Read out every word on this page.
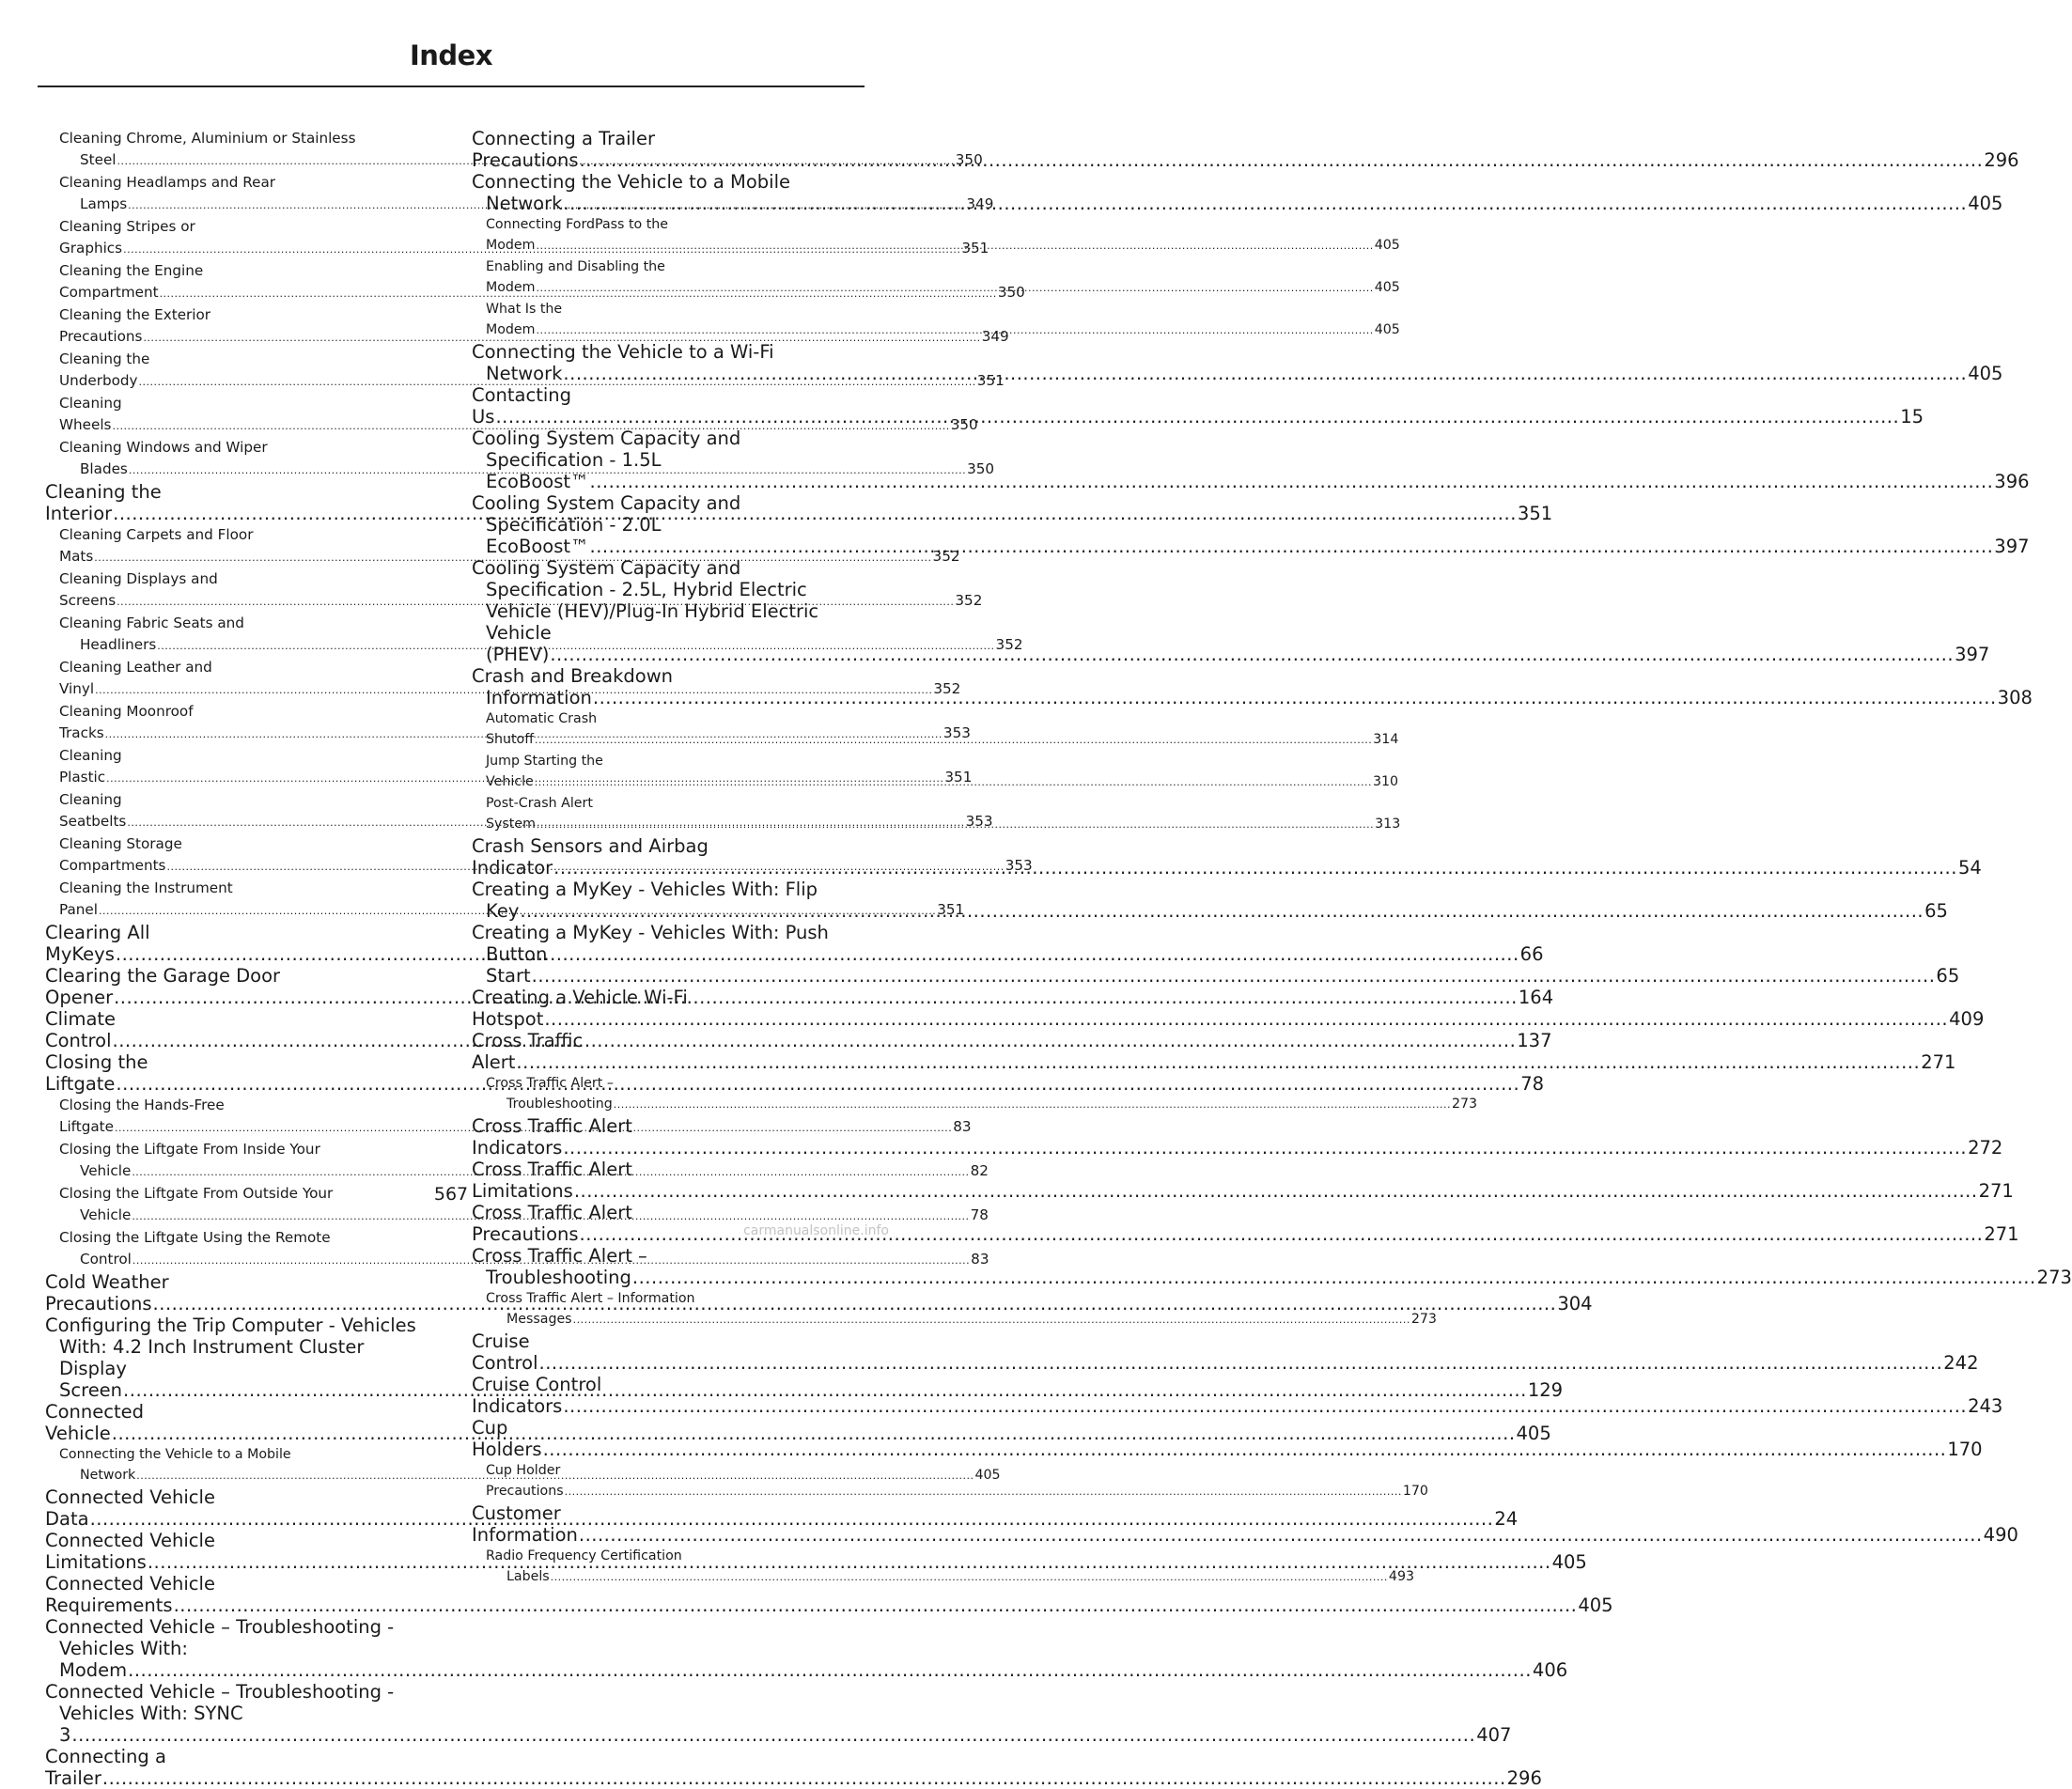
Index
Cleaning Chrome, Aluminium or Stainless
Steel .....	350
Cleaning Headlamps and Rear
Lamps .....	349
Cleaning Stripes or Graphics .....	351
Cleaning the Engine Compartment .....	350
Cleaning the Exterior Precautions .....	349
Cleaning the Underbody .....	351
Cleaning Wheels .....	350
Cleaning Windows and Wiper
Blades .....	350
Cleaning the Interior .....	351
Cleaning Carpets and Floor Mats .....	352
Cleaning Displays and Screens .....	352
Cleaning Fabric Seats and
Headliners .....	352
Cleaning Leather and Vinyl .....	352
Cleaning Moonroof Tracks .....	353
Cleaning Plastic .....	351
Cleaning Seatbelts .....	353
Cleaning Storage Compartments .....	353
Cleaning the Instrument Panel .....	351
Clearing All MyKeys .....	66
Clearing the Garage Door Opener .....	164
Climate Control .....	137
Closing the Liftgate .....	78
Closing the Hands-Free Liftgate .....	83
Closing the Liftgate From Inside Your
Vehicle .....	82
Closing the Liftgate From Outside Your
Vehicle .....	78
Closing the Liftgate Using the Remote
Control .....	83
Cold Weather Precautions .....	304
Configuring the Trip Computer - Vehicles
With: 4.2 Inch Instrument Cluster
Display Screen .....	129
Connected Vehicle .....	405
Connecting the Vehicle to a Mobile
Network .....	405
Connected Vehicle Data .....	24
Connected Vehicle Limitations .....	405
Connected Vehicle Requirements .....	405
Connected Vehicle – Troubleshooting -
Vehicles With: Modem .....	406
Connected Vehicle – Troubleshooting -
Vehicles With: SYNC 3 .....	407
Connecting a Trailer .....	296
Connecting a Trailer Precautions .....	296
Connecting the Vehicle to a Mobile
Network .....	405
Connecting FordPass to the Modem .....	405
Enabling and Disabling the Modem .....	405
What Is the Modem .....	405
Connecting the Vehicle to a Wi-Fi
Network .....	405
Contacting Us .....	15
Cooling System Capacity and
Specification - 1.5L EcoBoost™ .....	396
Cooling System Capacity and
Specification - 2.0L EcoBoost™ .....	397
Cooling System Capacity and
Specification - 2.5L, Hybrid Electric
Vehicle (HEV)/Plug-In Hybrid Electric
Vehicle (PHEV) .....	397
Crash and Breakdown
Information .....	308
Automatic Crash Shutoff .....	314
Jump Starting the Vehicle .....	310
Post-Crash Alert System .....	313
Crash Sensors and Airbag Indicator .....	54
Creating a MyKey - Vehicles With: Flip
Key .....	65
Creating a MyKey - Vehicles With: Push
Button Start .....	65
Creating a Vehicle Wi-Fi Hotspot .....	409
Cross Traffic Alert .....	271
Cross Traffic Alert –
Troubleshooting .....	273
Cross Traffic Alert Indicators .....	272
Cross Traffic Alert Limitations .....	271
Cross Traffic Alert Precautions .....	271
Cross Traffic Alert –
Troubleshooting .....	273
Cross Traffic Alert – Information
Messages .....	273
Cruise Control .....	242
Cruise Control Indicators .....	243
Cup Holders .....	170
Cup Holder Precautions .....	170
Customer Information .....	490
Radio Frequency Certification
Labels .....	493
567
carmanualsonline.info
